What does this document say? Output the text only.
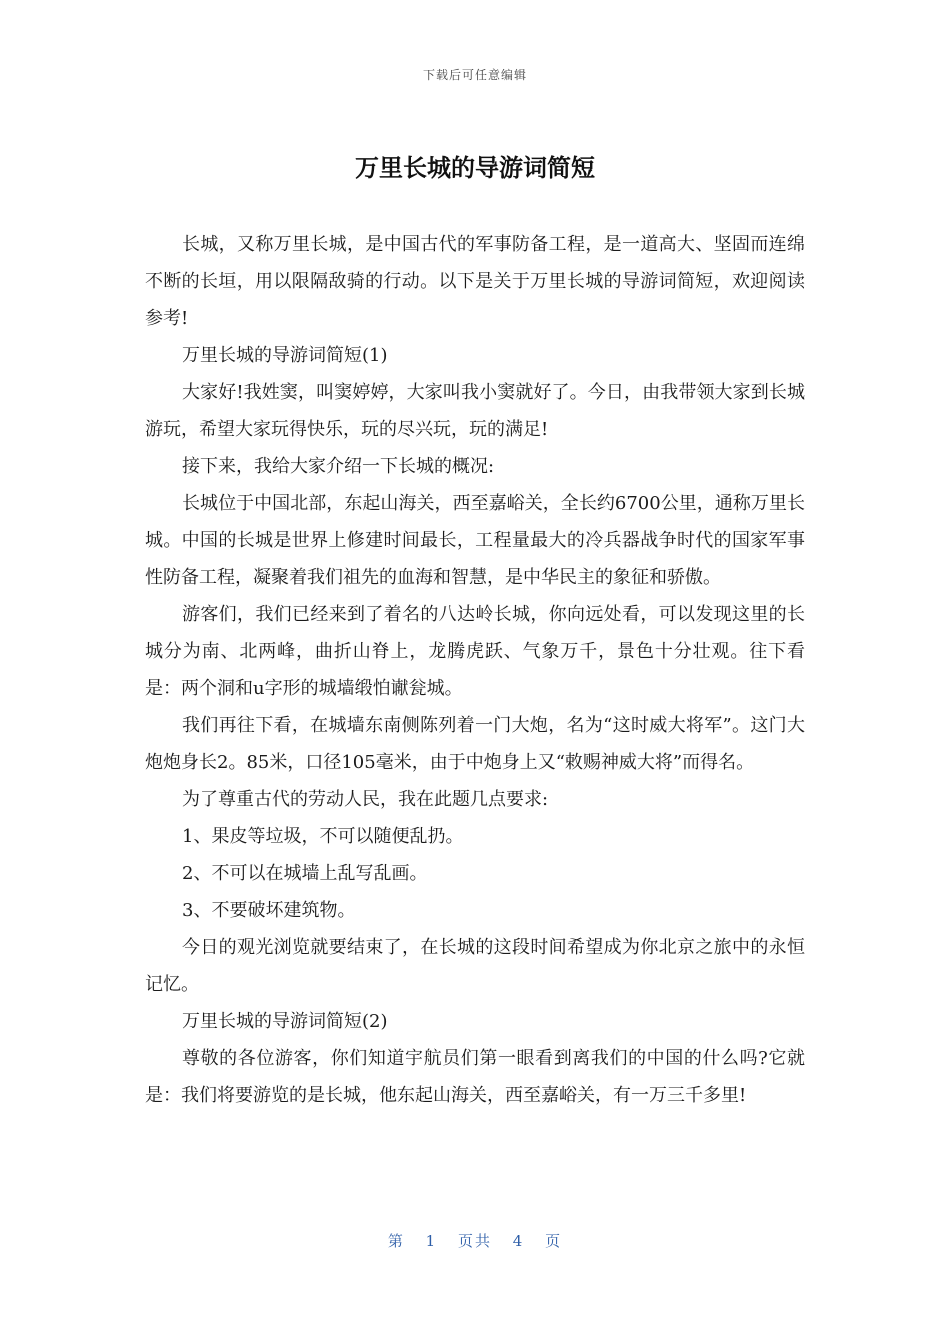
下载后可任意编辑
万里长城的导游词简短

长城，又称万里长城，是中国古代的军事防备工程，是一道高大、坚固而连绵不断的长垣，用以限隔敌骑的行动。以下是关于万里长城的导游词简短，欢迎阅读参考!

万里长城的导游词简短(1)

大家好!我姓窦，叫窦婷婷，大家叫我小窦就好了。今日，由我带领大家到长城游玩，希望大家玩得快乐，玩的尽兴玩，玩的满足!

接下来，我给大家介绍一下长城的概况:

长城位于中国北部，东起山海关，西至嘉峪关，全长约6700公里，通称万里长城。中国的长城是世界上修建时间最长，工程量最大的冷兵器战争时代的国家军事性防备工程，凝聚着我们祖先的血海和智慧，是中华民主的象征和骄傲。

游客们，我们已经来到了着名的八达岭长城，你向远处看，可以发现这里的长城分为南、北两峰，曲折山脊上，龙腾虎跃、气象万千，景色十分壮观。往下看是：两个洞和u字形的城墙缎怕谳瓮城。

我们再往下看，在城墙东南侧陈列着一门大炮，名为“这时威大将军”。这门大炮炮身长2。85米，口径105毫米，由于中炮身上又“敕赐神威大将”而得名。

为了尊重古代的劳动人民，我在此题几点要求:

1、果皮等垃圾，不可以随便乱扔。

2、不可以在城墙上乱写乱画。

3、不要破坏建筑物。

今日的观光浏览就要结束了，在长城的这段时间希望成为你北京之旅中的永恒记忆。

万里长城的导游词简短(2)

尊敬的各位游客，你们知道宇航员们第一眼看到离我们的中国的什么吗?它就是：我们将要游览的是长城，他东起山海关，西至嘉峪关，有一万三千多里!

第 1 页共 4 页
